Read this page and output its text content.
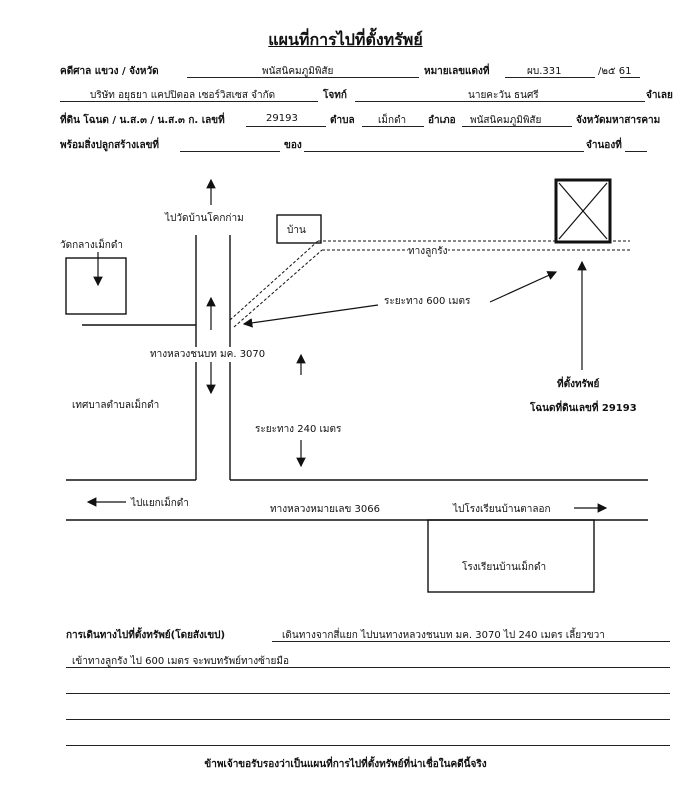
แผนที่การไปที่ตั้งทรัพย์
คดีศาล แขวง / จังหวัด	พนัสนิคมภูมิพิสัย	หมายเลขแดงที่	ผบ.331	/๒๕ 61
บริษัท อยุธยา แคปปิตอล เซอร์วิสเซส จำกัด	โจทก์	นายคะวัน ธนศรี	จำเลย
ที่ดิน โฉนด / น.ส.๓ / น.ส.๓ ก. เลขที่	29193	ตำบล เม็กดำ อำเภอ พนัสนิคมภูมิพิสัย	จังหวัดมหาสารคาม
พร้อมสิ่งปลูกสร้างเลขที่	ของ	จำนองที่
ไปวัดบ้านโคกก่าม
บ้าน
วัดกลางเม็กดำ
ทางลูกรัง
ระยะทาง 600 เมตร
ทางหลวงชนบท มค. 3070
ที่ตั้งทรัพย์
โฉนดที่ดินเลขที่ 29193
เทศบาลตำบลเม็กดำ
ระยะทาง 240 เมตร
ไปแยกเม็กดำ
ทางหลวงหมายเลข 3066	ไปโรงเรียนบ้านตาลอก
โรงเรียนบ้านเม็กดำ
การเดินทางไปที่ตั้งทรัพย์(โดยสังเขป)	เดินทางจากสี่แยก ไปบนทางหลวงชนบท มค. 3070 ไป 240 เมตร เลี้ยวขวา
เข้าทางลูกรัง ไป 600 เมตร จะพบทรัพย์ทางซ้ายมือ
ข้าพเจ้าขอรับรองว่าเป็นแผนที่การไปที่ตั้งทรัพย์ที่น่าเชื่อในคดีนี้จริง
